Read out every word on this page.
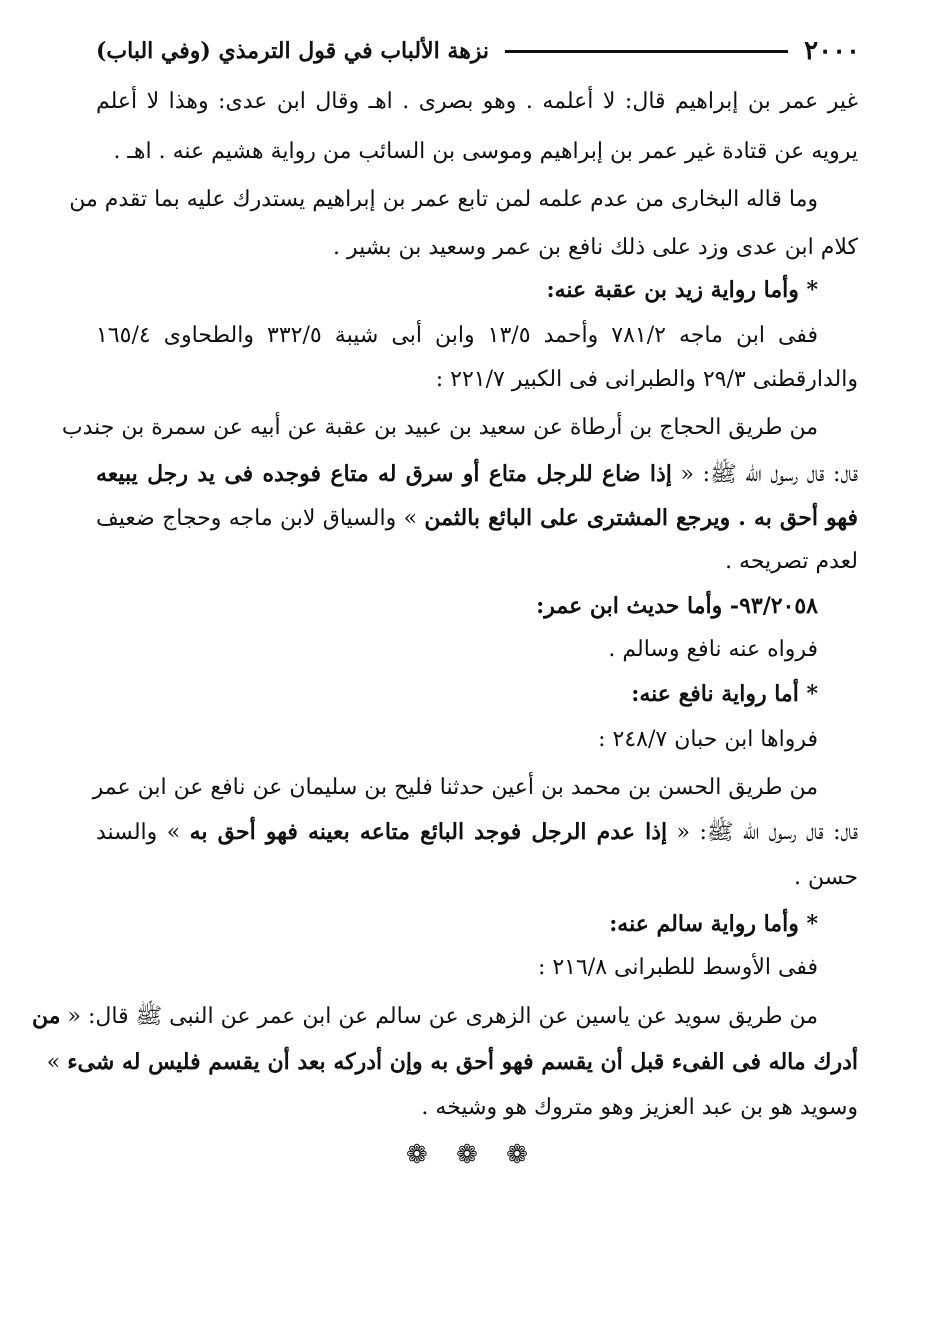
٢٠٠٠
نزهة الألباب في قول الترمذي (وفي الباب)
غير عمر بن إبراهيم قال: لا أعلمه . وهو بصرى . اهـ وقال ابن عدى: وهذا لا أعلم
يرويه عن قتادة غير عمر بن إبراهيم وموسى بن السائب من رواية هشيم عنه . اهـ .
وما قاله البخارى من عدم علمه لمن تابع عمر بن إبراهيم يستدرك عليه بما تقدم من
كلام ابن عدى وزد على ذلك نافع بن عمر وسعيد بن بشير .
* وأما رواية زيد بن عقبة عنه:
ففى ابن ماجه ٧٨١/٢ وأحمد ١٣/٥ وابن أبى شيبة ٣٣٢/٥ والطحاوى ١٦٥/٤
والدارقطنى ٢٩/٣ والطبرانى فى الكبير ٢٢١/٧ :
من طريق الحجاج بن أرطاة عن سعيد بن عبيد بن عقبة عن أبيه عن سمرة بن جندب
قال: قال رسول الله ﷺ: « إذا ضاع للرجل متاع أو سرق له متاع فوجده فى يد رجل يبيعه
فهو أحق به . ويرجع المشترى على البائع بالثمن » والسياق لابن ماجه وحجاج ضعيف
لعدم تصريحه .
٩٣/٢٠٥٨- وأما حديث ابن عمر:
فرواه عنه نافع وسالم .
* أما رواية نافع عنه:
فرواها ابن حبان ٢٤٨/٧ :
من طريق الحسن بن محمد بن أعين حدثنا فليح بن سليمان عن نافع عن ابن عمر
قال: قال رسول الله ﷺ: « إذا عدم الرجل فوجد البائع متاعه بعينه فهو أحق به » والسند
حسن .
* وأما رواية سالم عنه:
ففى الأوسط للطبرانى ٢١٦/٨ :
من طريق سويد عن ياسين عن الزهرى عن سالم عن ابن عمر عن النبى ﷺ قال: « من
أدرك ماله فى الفىء قبل أن يقسم فهو أحق به وإن أدركه بعد أن يقسم فليس له شىء »
وسويد هو بن عبد العزيز وهو متروك هو وشيخه .
❁ ❁ ❁
